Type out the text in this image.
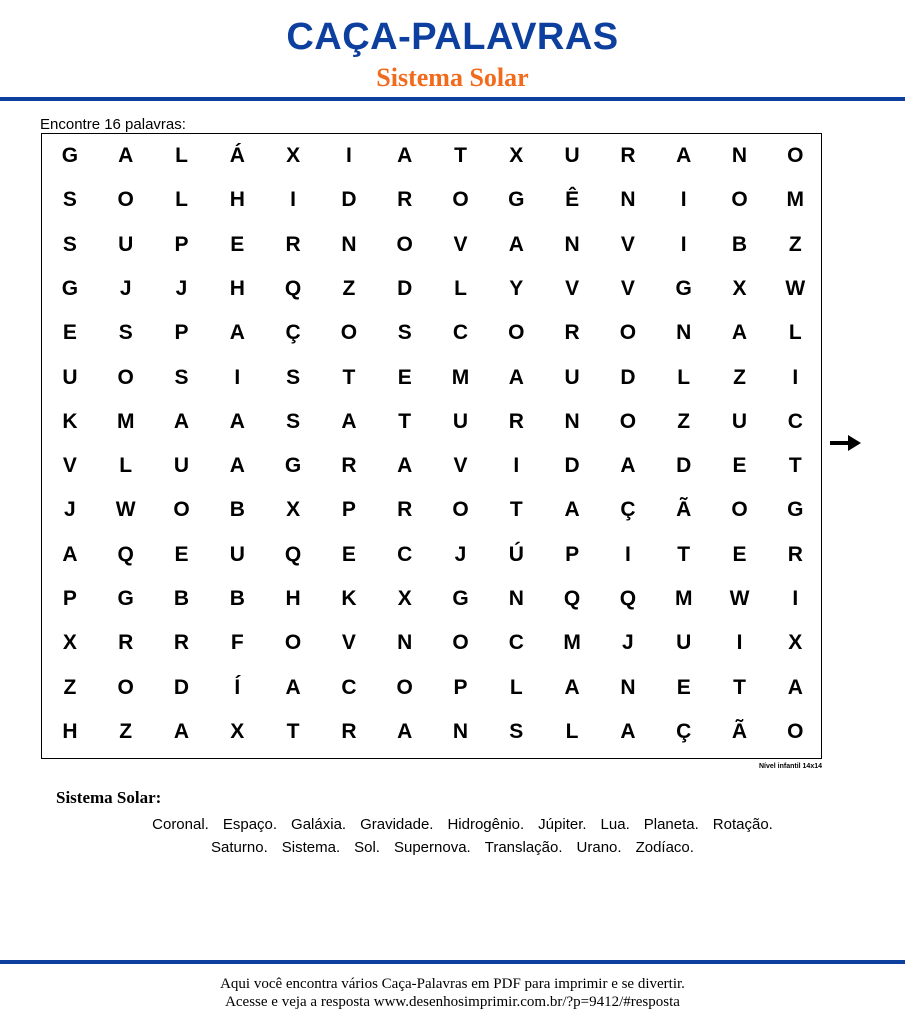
CAÇA-PALAVRAS
Sistema Solar
Encontre 16 palavras:
G	A	L	Á	X	I	A	T	X	U	R	A	N	O
S	O	L	H	I	D	R	O	G	Ê	N	I	O	M
S	U	P	E	R	N	O	V	A	N	V	I	B	Z
G	J	J	H	Q	Z	D	L	Y	V	V	G	X	W
E	S	P	A	Ç	O	S	C	O	R	O	N	A	L
U	O	S	I	S	T	E	M	A	U	D	L	Z	I
K	M	A	A	S	A	T	U	R	N	O	Z	U	C
V	L	U	A	G	R	A	V	I	D	A	D	E	T
J	W	O	B	X	P	R	O	T	A	Ç	Ã	O	G
A	Q	E	U	Q	E	C	J	Ú	P	I	T	E	R
P	G	B	B	H	K	X	G	N	Q	Q	M	W	I
X	R	R	F	O	V	N	O	C	M	J	U	I	X
Z	O	D	Í	A	C	O	P	L	A	N	E	T	A
H	Z	A	X	T	R	A	N	S	L	A	Ç	Ã	O
Nível infantil 14x14
Sistema Solar:
Coronal. Espaço. Galáxia. Gravidade. Hidrogênio. Júpiter. Lua. Planeta. Rotação.
Saturno. Sistema. Sol. Supernova. Translação. Urano. Zodíaco.
Aqui você encontra vários Caça-Palavras em PDF para imprimir e se divertir.
Acesse e veja a resposta www.desenhosimprimir.com.br/?p=9412/#resposta
